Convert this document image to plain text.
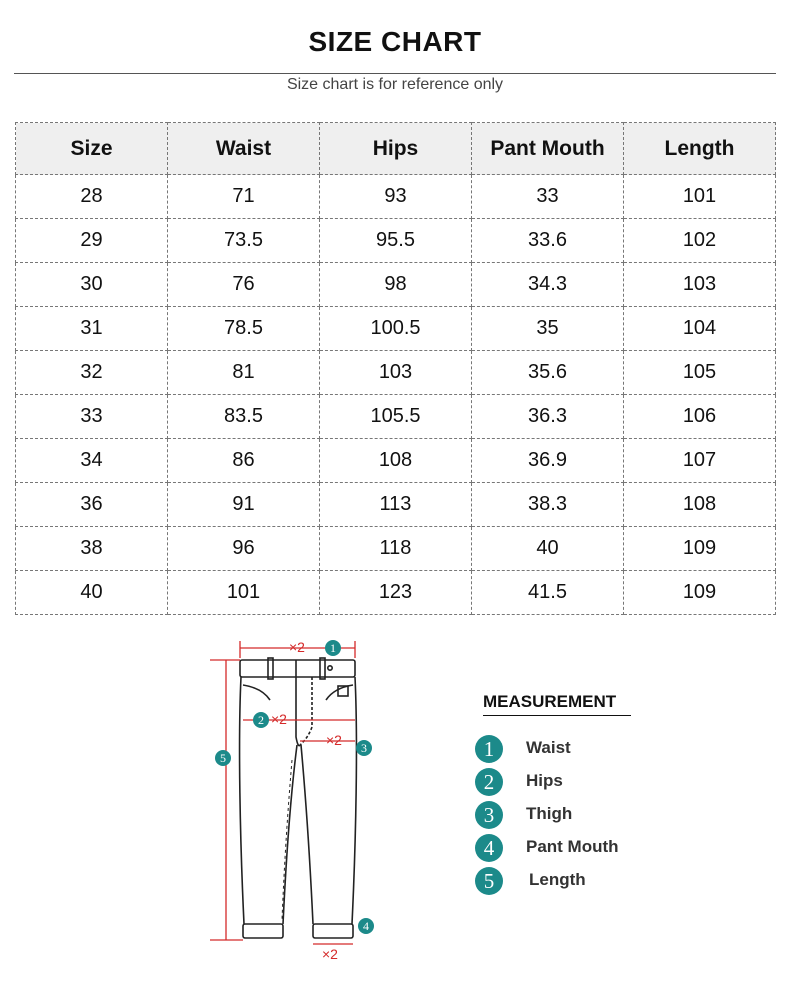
SIZE CHART
Size chart is for reference only
Size	Waist	Hips	Pant Mouth	Length
28	71	93	33	101
29	73.5	95.5	33.6	102
30	76	98	34.3	103
31	78.5	100.5	35	104
32	81	103	35.6	105
33	83.5	105.5	36.3	106
34	86	108	36.9	107
36	91	113	38.3	108
38	96	118	40	109
40	101	123	41.5	109
×2
×2
×2
×2
1
2
3
4
5
MEASUREMENT
1 Waist
2 Hips
3 Thigh
4 Pant Mouth
5 Length
